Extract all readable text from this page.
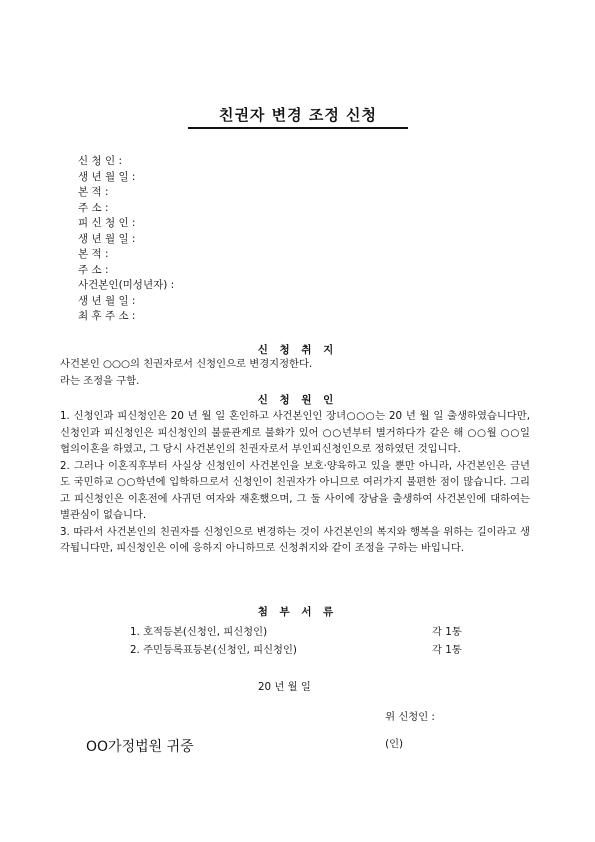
친권자 변경 조정 신청
신 청 인 :
생 년 월 일 :
본 적 :
주 소 :
피 신 청 인 :
생 년 월 일 :
본 적 :
주 소 :
사건본인(미성년자) :
생 년 월 일 :
최 후 주 소 :
신 청 취 지

사건본인 ○○○의 친권자로서 신청인으로 변경지정한다.

라는 조정을 구함.

신 청 원 인

1. 신청인과 피신청인은 20 년 월 일 혼인하고 사건본인인 장녀○○○는 20 년 월 일 출생하였습니다만, 신청인과 피신청인은 피신청인의 불륜관계로 불화가 있어 ○○년부터 별거하다가 같은 해 ○○월 ○○일 협의이혼을 하였고, 그 당시 사건본인의 친권자로서 부인피신청인으로 정하였던 것입니다.

2. 그러나 이혼직후부터 사실상 신청인이 사건본인을 보호·양육하고 있을 뿐만 아니라, 사건본인은 금년도 국민하교 ○○학년에 입학하므로서 신청인이 친권자가 아니므로 여러가지 불편한 점이 많습니다. 그리고 피신청인은 이혼전에 사귀던 여자와 재혼했으며, 그 둘 사이에 장남을 출생하여 사건본인에 대하여는 별관심이 없습니다.

3. 따라서 사건본인의 친권자를 신청인으로 변경하는 것이 사건본인의 복지와 행복을 위하는 길이라고 생각됩니다만, 피신청인은 이에 응하지 아니하므로 신청취지와 같이 조정을 구하는 바입니다.

첨 부 서 류
1. 호적등본(신청인, 피신청인)	각 1통
2. 주민등록표등본(신청인, 피신청인)	각 1통
20 년 월 일

위 신청인 :

(인)

OO가정법원 귀중
